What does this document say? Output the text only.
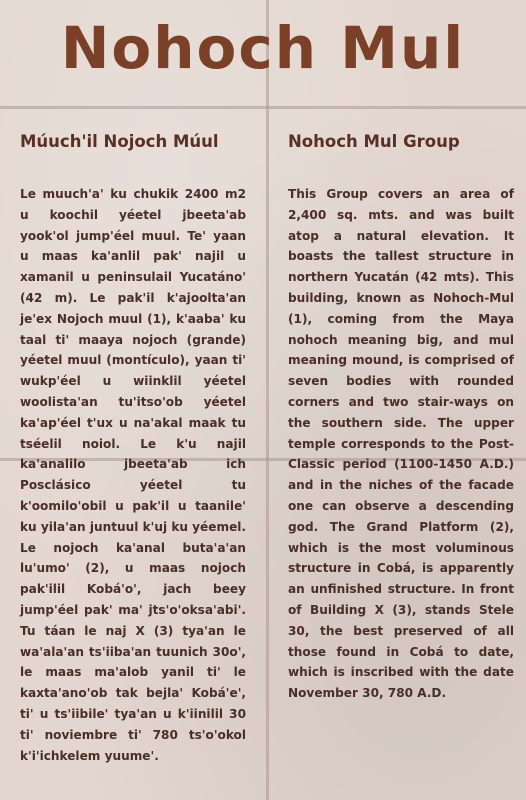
Nohoch Mul
Múuch'il Nojoch Múul	Nohoch Mul Group

Le muuch'a' ku chukik 2400 m2 u koochil yéetel jbeeta'ab yook'ol jump'éel muul. Te' yaan u maas ka'anlil pak' najil u xamanil u peninsulail Yucatáno' (42 m). Le pak'il k'ajoolta'an je'ex Nojoch muul (1), k'aaba' ku taal ti' maaya nojoch (grande) yéetel muul (montículo), yaan ti' wukp'éel u wiinklil yéetel woolista'an tu'itso'ob yéetel ka'ap'éel t'ux u na'akal maak tu tséelil noiol. Le k'u najil ka'analilo jbeeta'ab ich Posclásico yéetel tu k'oomilo'obil u pak'il u taanile' ku yila'an juntuul k'uj ku yéemel. Le nojoch ka'anal buta'a'an lu'umo' (2), u maas nojoch pak'ilil Kobá'o', jach beey jump'éel pak' ma' jts'o'oksa'abi'. Tu táan le naj X (3) tya'an le wa'ala'an ts'iiba'an tuunich 30o', le maas ma'alob yanil ti' le kaxta'ano'ob tak bejla' Kobá'e', ti' u ts'iibile' tya'an u k'iinilil 30 ti' noviembre ti' 780 ts'o'okol k'i'ichkelem yuume'.

This Group covers an area of 2,400 sq. mts. and was built atop a natural elevation. It boasts the tallest structure in northern Yucatán (42 mts). This building, known as Nohoch-Mul (1), coming from the Maya nohoch meaning big, and mul meaning mound, is comprised of seven bodies with rounded corners and two stair-ways on the southern side. The upper temple corresponds to the Post-Classic period (1100-1450 A.D.) and in the niches of the facade one can observe a descending god. The Grand Platform (2), which is the most voluminous structure in Cobá, is apparently an unfinished structure. In front of Building X (3), stands Stele 30, the best preserved of all those found in Cobá to date, which is inscribed with the date November 30, 780 A.D.
